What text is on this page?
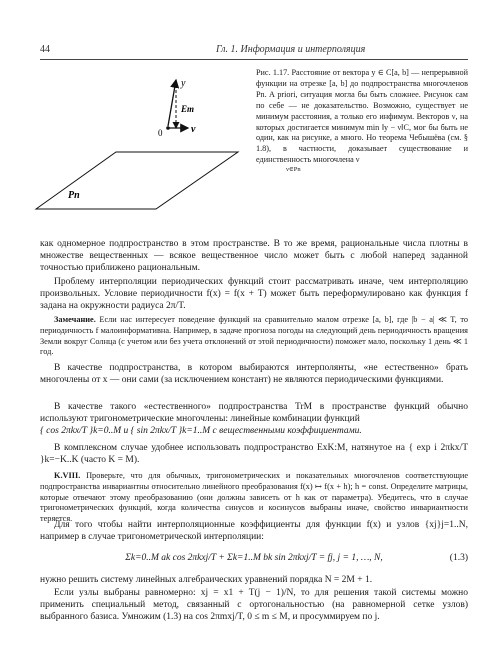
44	Гл. 1. Информация и интерполяция
y
Em
ν
0
Pn

Рис. 1.17. Расстояние от вектора y ∈ C[a, b] — непрерывной функции на отрезке [a, b] до подпространства многочленов Pn. A priori, ситуация могла бы быть сложнее. Рисунок сам по себе — не доказательство. Возможно, существует не минимум расстояния, а только его инфимум. Векторов ν, на которых достигается минимум min ‖y − ν‖C, мог бы быть не один, как на рисунке, а много. Но теорема Чебышёва (см. § 1.8), в частности, доказывает существование и единственность многочлена ν

ν∈Pn

как одномерное подпространство в этом пространстве. В то же время, рациональные числа плотны в множестве вещественных — всякое вещественное число может быть с любой наперед заданной точностью приближено рациональным.

Проблему интерполяции периодических функций стоит рассматривать иначе, чем интерполяцию произвольных. Условие периодичности f(x) = f(x + T) может быть переформулировано как функция f задана на окружности радиуса 2π/T.

Замечание. Если нас интересует поведение функций на сравнительно малом отрезке [a, b], где |b − a| ≪ T, то периодичность f малоинформативна. Например, в задаче прогноза погоды на следующий день периодичность вращения Земли вокруг Солнца (с учетом или без учета отклонений от этой периодичности) поможет мало, поскольку 1 день ≪ 1 год.

В качестве подпространства, в котором выбираются интерполянты, «не естественно» брать многочлены от x — они сами (за исключением констант) не являются периодическими функциями.

В качестве такого «естественного» подпространства TrM в пространстве функций обычно используют тригонометрические многочлены: линейные комбинации функций

{ cos 2πkx/T }k=0..M и { sin 2πkx/T }k=1..M с вещественными коэффициентами.

В комплексном случае удобнее использовать подпространство ExK:M, натянутое на { exp i 2πkx/T }k=−K..K (часто K = M).

K.VIII. Проверьте, что для обычных, тригонометрических и показательных многочленов соответствующие подпространства инвариантны относительно линейного преобразования f(x) ↦ f(x + h); h = const. Определите матрицы, которые отвечают этому преобразованию (они должны зависеть от h как от параметра). Убедитесь, что в случае тригонометрических функций, когда количества синусов и косинусов выбраны иначе, свойство инвариантности теряется.

Для того чтобы найти интерполяционные коэффициенты для функции f(x) и узлов {xj}j=1..N, например в случае тригонометрической интерполяции:

Σk=0..M ak cos 2πkxj/T + Σk=1..M bk sin 2πkxj/T = fj, j = 1, …, N,	(1.3)

нужно решить систему линейных алгебраических уравнений порядка N = 2M + 1.

Если узлы выбраны равномерно: xj = x1 + T(j − 1)/N, то для решения такой системы можно применить специальный метод, связанный с ортогональностью (на равномерной сетке узлов) выбранного базиса. Умножим (1.3) на cos 2πmxj/T, 0 ≤ m ≤ M, и просуммируем по j.
